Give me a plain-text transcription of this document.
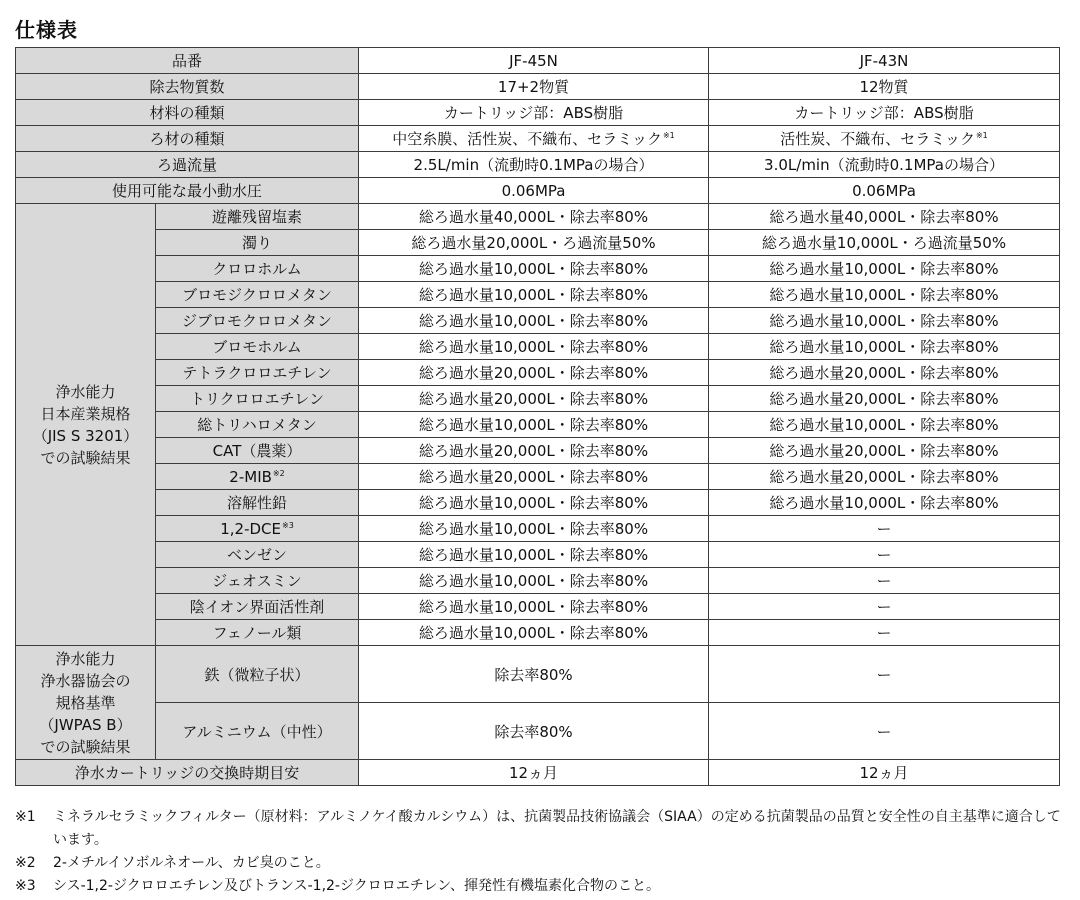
仕様表
品番		JF-45N	JF-43N
除去物質数		17+2物質	12物質
材料の種類		カートリッジ部：ABS樹脂	カートリッジ部：ABS樹脂
ろ材の種類		中空糸膜、活性炭、不織布、セラミック$^{※1}$	活性炭、不織布、セラミック$^{※1}$
ろ過流量		2.5L/min（流動時0.1MPaの場合）	3.0L/min（流動時0.1MPaの場合）
使用可能な最小動水圧		0.06MPa	0.06MPa
浄水能力
日本産業規格
（JIS S 3201）
での試験結果	遊離残留塩素	総ろ過水量40,000L・除去率80%	総ろ過水量40,000L・除去率80%
	濁り	総ろ過水量20,000L・ろ過流量50%	総ろ過水量10,000L・ろ過流量50%
	クロロホルム	総ろ過水量10,000L・除去率80%	総ろ過水量10,000L・除去率80%
	ブロモジクロロメタン	総ろ過水量10,000L・除去率80%	総ろ過水量10,000L・除去率80%
	ジブロモクロロメタン	総ろ過水量10,000L・除去率80%	総ろ過水量10,000L・除去率80%
	ブロモホルム	総ろ過水量10,000L・除去率80%	総ろ過水量10,000L・除去率80%
	テトラクロロエチレン	総ろ過水量20,000L・除去率80%	総ろ過水量20,000L・除去率80%
	トリクロロエチレン	総ろ過水量20,000L・除去率80%	総ろ過水量20,000L・除去率80%
	総トリハロメタン	総ろ過水量10,000L・除去率80%	総ろ過水量10,000L・除去率80%
	CAT（農薬）	総ろ過水量20,000L・除去率80%	総ろ過水量20,000L・除去率80%
	2-MIB$^{※2}$	総ろ過水量20,000L・除去率80%	総ろ過水量20,000L・除去率80%
	溶解性鉛	総ろ過水量10,000L・除去率80%	総ろ過水量10,000L・除去率80%
	1,2-DCE$^{※3}$	総ろ過水量10,000L・除去率80%	ー
	ベンゼン	総ろ過水量10,000L・除去率80%	ー
	ジェオスミン	総ろ過水量10,000L・除去率80%	ー
	陰イオン界面活性剤	総ろ過水量10,000L・除去率80%	ー
	フェノール類	総ろ過水量10,000L・除去率80%	ー
浄水能力
浄水器協会の
規格基準
（JWPAS B）
での試験結果	鉄（微粒子状）	除去率80%	ー
	アルミニウム（中性）	除去率80%	ー
浄水カートリッジの交換時期目安		12ヵ月	12ヵ月
※1	ミネラルセラミックフィルター（原材料：アルミノケイ酸カルシウム）は、抗菌製品技術協議会（SIAA）の定める抗菌製品の品質と安全性の自主基準に適合しています。
※2	2-メチルイソボルネオール、カビ臭のこと。
※3	シス-1,2-ジクロロエチレン及びトランス-1,2-ジクロロエチレン、揮発性有機塩素化合物のこと。
